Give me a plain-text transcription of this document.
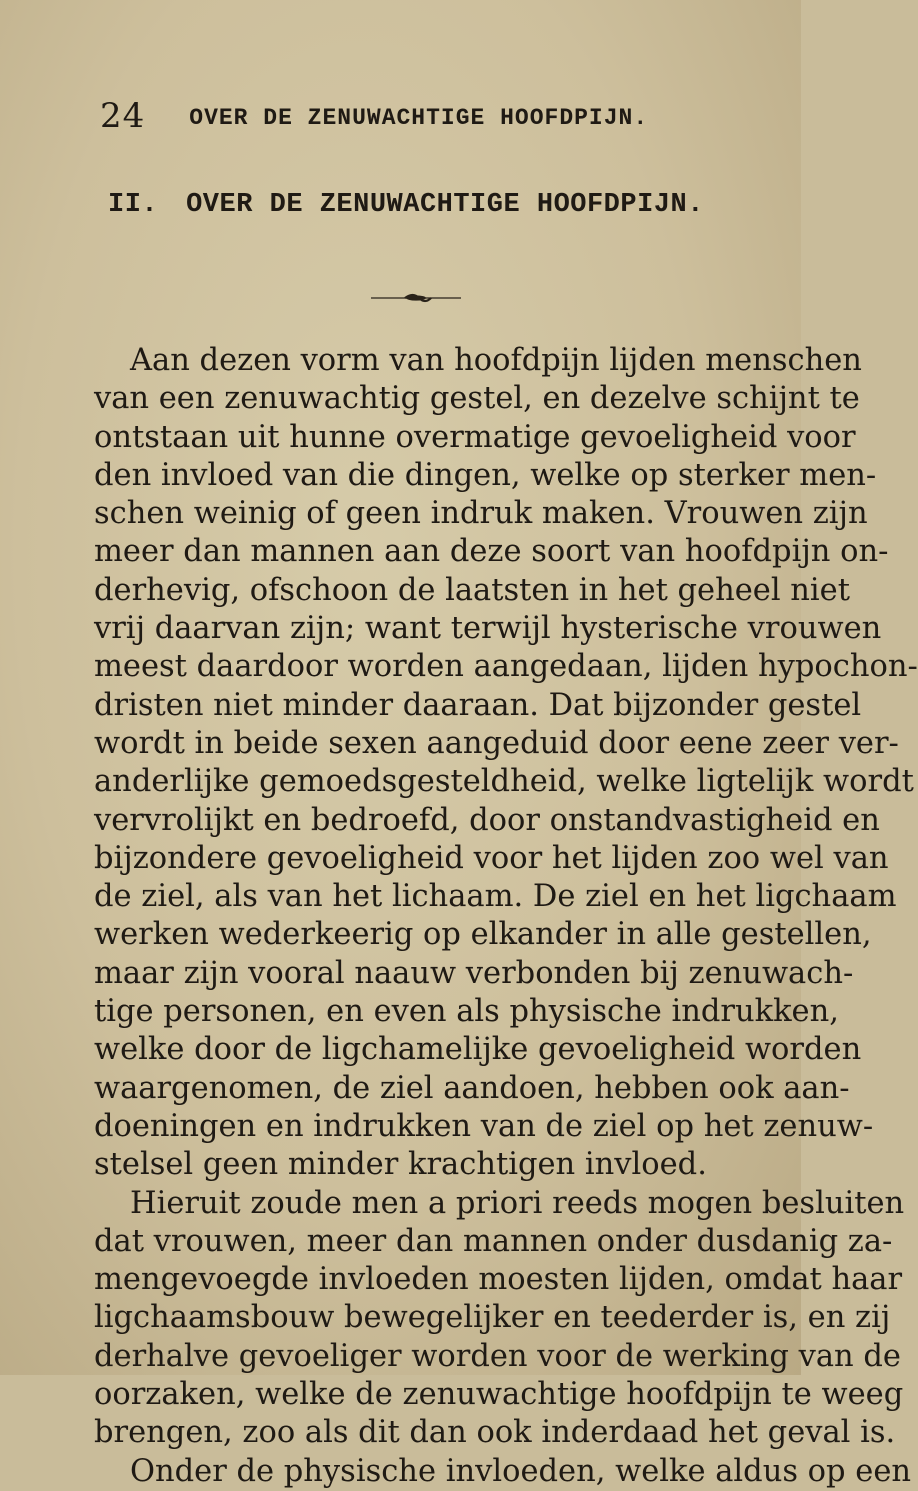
24 OVER DE ZENUWACHTIGE HOOFDPIJN.
II. OVER DE ZENUWACHTIGE HOOFDPIJN.
Aan dezen vorm van hoofdpijn lijden menschen
van een zenuwachtig gestel, en dezelve schijnt te
ontstaan uit hunne overmatige gevoeligheid voor
den invloed van die dingen, welke op sterker men-
schen weinig of geen indruk maken. Vrouwen zijn
meer dan mannen aan deze soort van hoofdpijn on-
derhevig, ofschoon de laatsten in het geheel niet
vrij daarvan zijn; want terwijl hysterische vrouwen
meest daardoor worden aangedaan, lijden hypochon-
dristen niet minder daaraan. Dat bijzonder gestel
wordt in beide sexen aangeduid door eene zeer ver-
anderlijke gemoedsgesteldheid, welke ligtelijk wordt
vervrolijkt en bedroefd, door onstandvastigheid en
bijzondere gevoeligheid voor het lijden zoo wel van
de ziel, als van het lichaam. De ziel en het ligchaam
werken wederkeerig op elkander in alle gestellen,
maar zijn vooral naauw verbonden bij zenuwach-
tige personen, en even als physische indrukken,
welke door de ligchamelijke gevoeligheid worden
waargenomen, de ziel aandoen, hebben ook aan-
doeningen en indrukken van de ziel op het zenuw-
stelsel geen minder krachtigen invloed.
Hieruit zoude men a priori reeds mogen besluiten
dat vrouwen, meer dan mannen onder dusdanig za-
mengevoegde invloeden moesten lijden, omdat haar
ligchaamsbouw bewegelijker en teederder is, en zij
derhalve gevoeliger worden voor de werking van de
oorzaken, welke de zenuwachtige hoofdpijn te weeg
brengen, zoo als dit dan ook inderdaad het geval is.
Onder de physische invloeden, welke aldus op een
